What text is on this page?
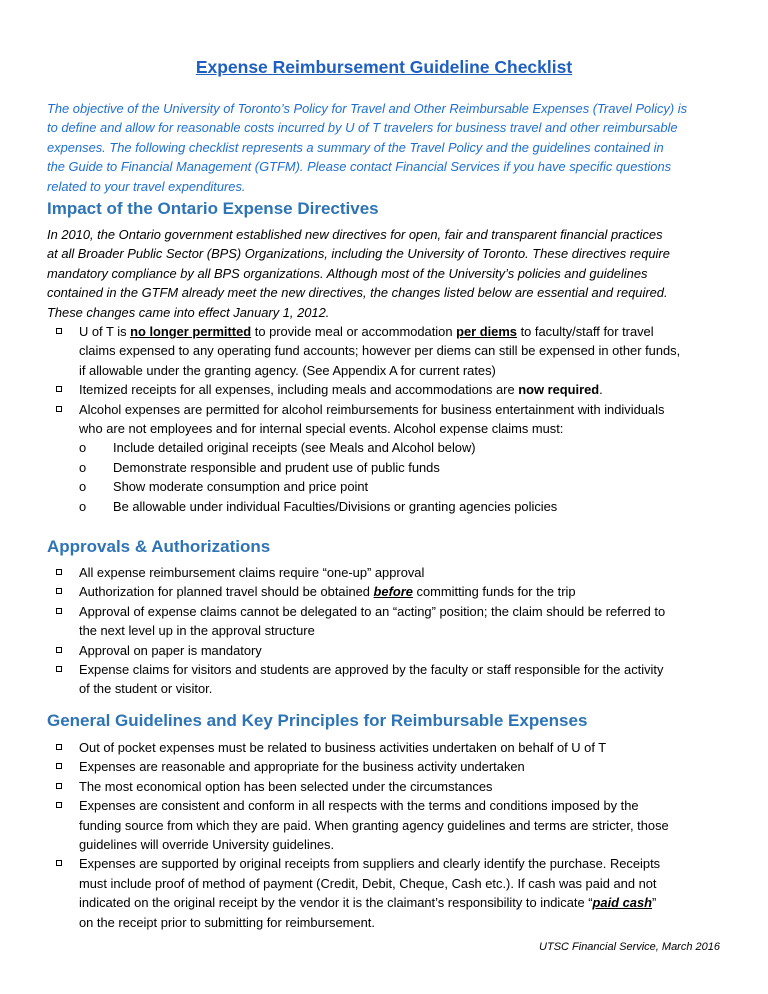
Expense Reimbursement Guideline Checklist
The objective of the University of Toronto’s Policy for Travel and Other Reimbursable Expenses (Travel Policy) is
to define and allow for reasonable costs incurred by U of T travelers for business travel and other reimbursable
expenses. The following checklist represents a summary of the Travel Policy and the guidelines contained in
the Guide to Financial Management (GTFM). Please contact Financial Services if you have specific questions
related to your travel expenditures.
Impact of the Ontario Expense Directives
In 2010, the Ontario government established new directives for open, fair and transparent financial practices
at all Broader Public Sector (BPS) Organizations, including the University of Toronto. These directives require
mandatory compliance by all BPS organizations. Although most of the University’s policies and guidelines
contained in the GTFM already meet the new directives, the changes listed below are essential and required.
These changes came into effect January 1, 2012.
U of T is no longer permitted to provide meal or accommodation per diems to faculty/staff for travel
claims expensed to any operating fund accounts; however per diems can still be expensed in other funds,
if allowable under the granting agency. (See Appendix A for current rates)
Itemized receipts for all expenses, including meals and accommodations are now required.
Alcohol expenses are permitted for alcohol reimbursements for business entertainment with individuals
who are not employees and for internal special events. Alcohol expense claims must:
o Include detailed original receipts (see Meals and Alcohol below)
o Demonstrate responsible and prudent use of public funds
o Show moderate consumption and price point
o Be allowable under individual Faculties/Divisions or granting agencies policies
Approvals & Authorizations
All expense reimbursement claims require “one-up” approval
Authorization for planned travel should be obtained before committing funds for the trip
Approval of expense claims cannot be delegated to an “acting” position; the claim should be referred to
the next level up in the approval structure
Approval on paper is mandatory
Expense claims for visitors and students are approved by the faculty or staff responsible for the activity
of the student or visitor.
General Guidelines and Key Principles for Reimbursable Expenses
Out of pocket expenses must be related to business activities undertaken on behalf of U of T
Expenses are reasonable and appropriate for the business activity undertaken
The most economical option has been selected under the circumstances
Expenses are consistent and conform in all respects with the terms and conditions imposed by the
funding source from which they are paid. When granting agency guidelines and terms are stricter, those
guidelines will override University guidelines.
Expenses are supported by original receipts from suppliers and clearly identify the purchase. Receipts
must include proof of method of payment (Credit, Debit, Cheque, Cash etc.). If cash was paid and not
indicated on the original receipt by the vendor it is the claimant’s responsibility to indicate “paid cash”
on the receipt prior to submitting for reimbursement.
UTSC Financial Service, March 2016
